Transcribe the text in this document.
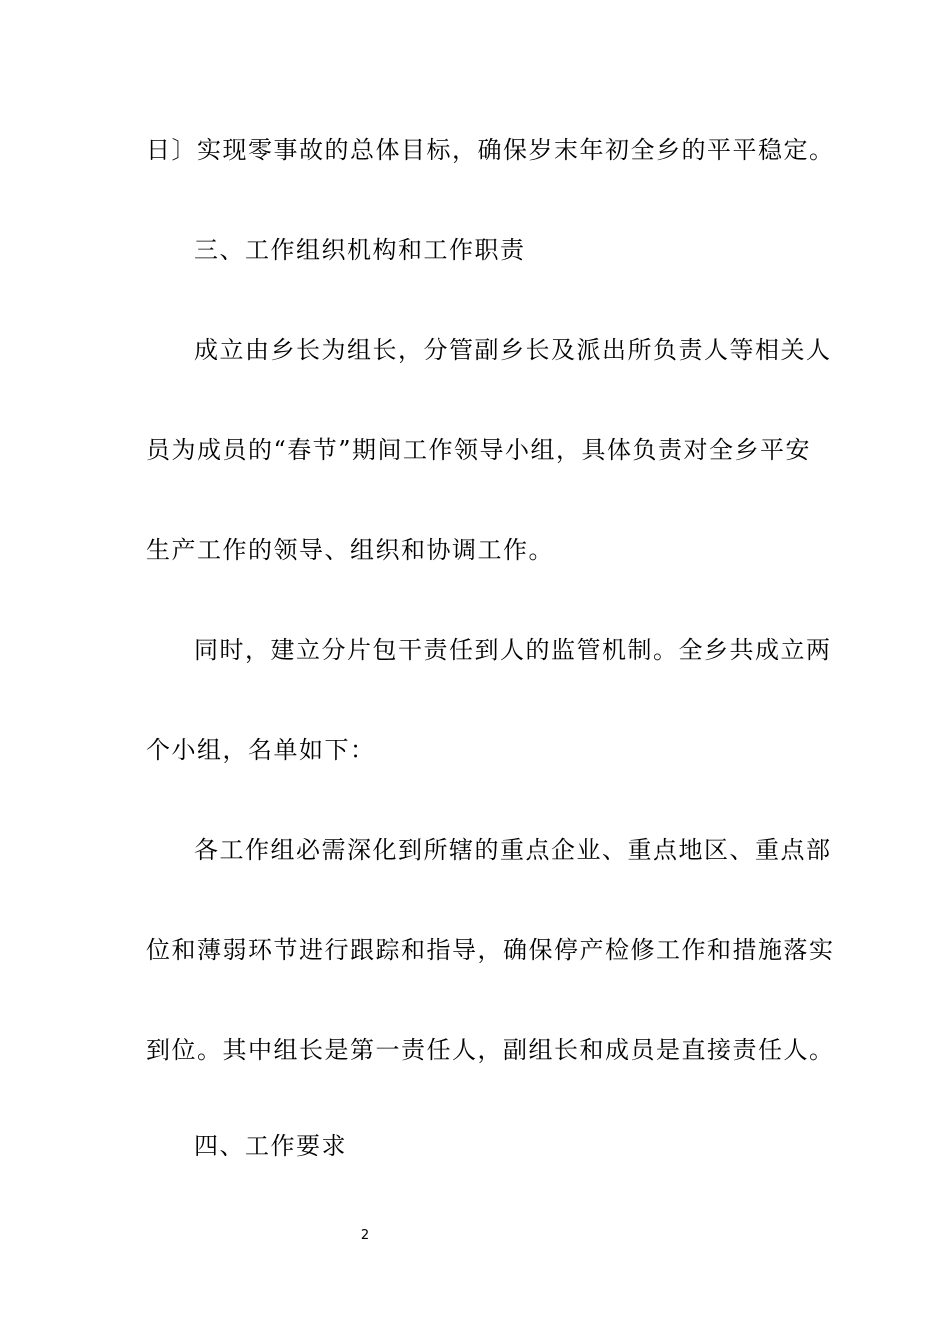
日〕实现零事故的总体目标，确保岁末年初全乡的平平稳定。
三、工作组织机构和工作职责
成立由乡长为组长，分管副乡长及派出所负责人等相关人
员为成员的“春节”期间工作领导小组，具体负责对全乡平安
生产工作的领导、组织和协调工作。
同时，建立分片包干责任到人的监管机制。全乡共成立两
个小组，名单如下：
各工作组必需深化到所辖的重点企业、重点地区、重点部
位和薄弱环节进行跟踪和指导，确保停产检修工作和措施落实
到位。其中组长是第一责任人，副组长和成员是直接责任人。
四、工作要求
2
